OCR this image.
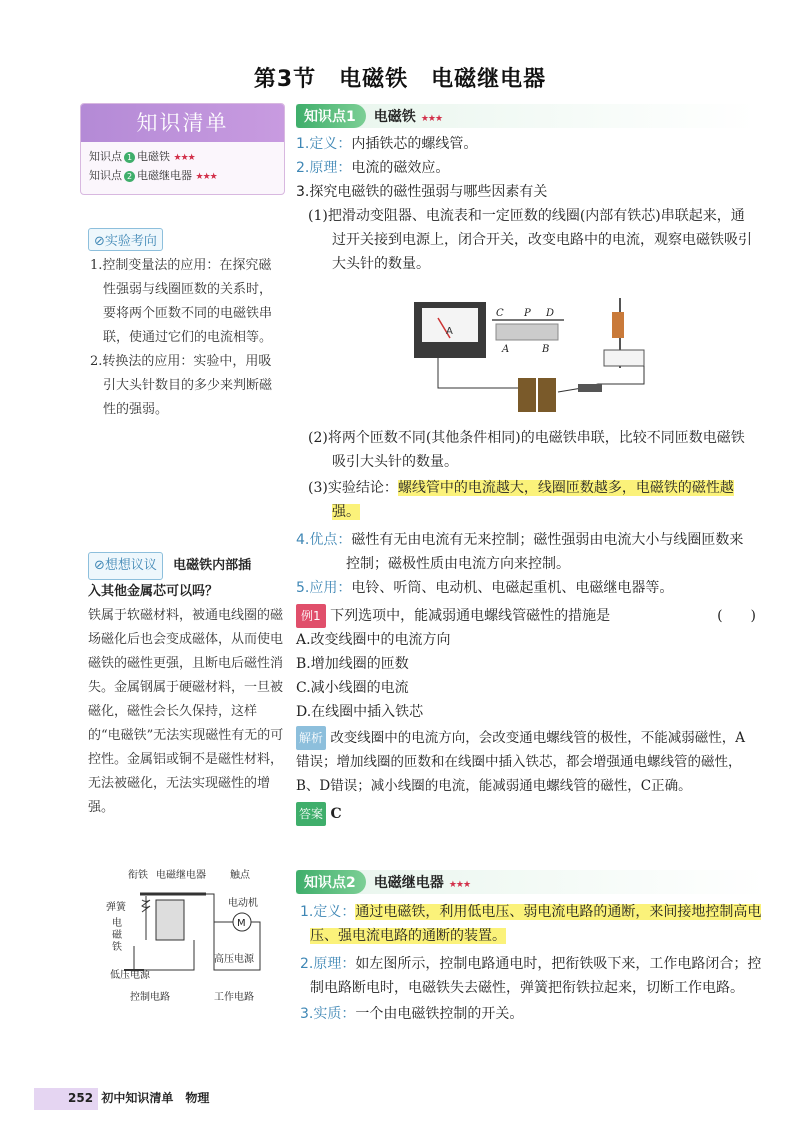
第3节　电磁铁　电磁继电器
知识清单
知识点 1 电磁铁 ★★★
知识点 2 电磁继电器 ★★★
⊘实验考向
1.控制变量法的应用：在探究磁性强弱与线圈匝数的关系时，要将两个匝数不同的电磁铁串联，使通过它们的电流相等。
2.转换法的应用：实验中，用吸引大头针数目的多少来判断磁性的强弱。
⊘想想议议 电磁铁内部插
入其他金属芯可以吗？
铁属于软磁材料，被通电线圈的磁场磁化后也会变成磁体，从而使电磁铁的磁性更强，且断电后磁性消失。金属钢属于硬磁材料，一旦被磁化，磁性会长久保持，这样的“电磁铁”无法实现磁性有无的可控性。金属铝或铜不是磁性材料，无法被磁化，无法实现磁性的增强。
衔铁 电磁继电器 触点
弹簧
电
磁
铁
电动机
高压电源
低压电源
控制电路	工作电路
M
知识点1 电磁铁 ★★★
1.定义：内插铁芯的螺线管。
2.原理：电流的磁效应。
3.探究电磁铁的磁性强弱与哪些因素有关
(1)把滑动变阻器、电流表和一定匝数的线圈(内部有铁芯)串联起来，通过开关接到电源上，闭合开关，改变电路中的电流，观察电磁铁吸引大头针的数量。
A
C P D
A	B
(2)将两个匝数不同(其他条件相同)的电磁铁串联，比较不同匝数电磁铁吸引大头针的数量。
(3)实验结论：螺线管中的电流越大，线圈匝数越多，电磁铁的磁性越强。
4.优点：磁性有无由电流有无来控制；磁性强弱由电流大小与线圈匝数来控制；磁极性质由电流方向来控制。
5.应用：电铃、听筒、电动机、电磁起重机、电磁继电器等。
例1 下列选项中，能减弱通电螺线管磁性的措施是	(　　)
A.改变线圈中的电流方向
B.增加线圈的匝数
C.减小线圈的电流
D.在线圈中插入铁芯
解析 改变线圈中的电流方向，会改变通电螺线管的极性，不能减弱磁性，A错误；增加线圈的匝数和在线圈中插入铁芯，都会增强通电螺线管的磁性，B、D错误；减小线圈的电流，能减弱通电螺线管的磁性，C正确。
答案 C
知识点2 电磁继电器 ★★★
1.定义：通过电磁铁，利用低电压、弱电流电路的通断，来间接地控制高电压、强电流电路的通断的装置。
2.原理：如左图所示，控制电路通电时，把衔铁吸下来，工作电路闭合；控制电路断电时，电磁铁失去磁性，弹簧把衔铁拉起来，切断工作电路。
3.实质：一个由电磁铁控制的开关。
252 初中知识清单　物理
